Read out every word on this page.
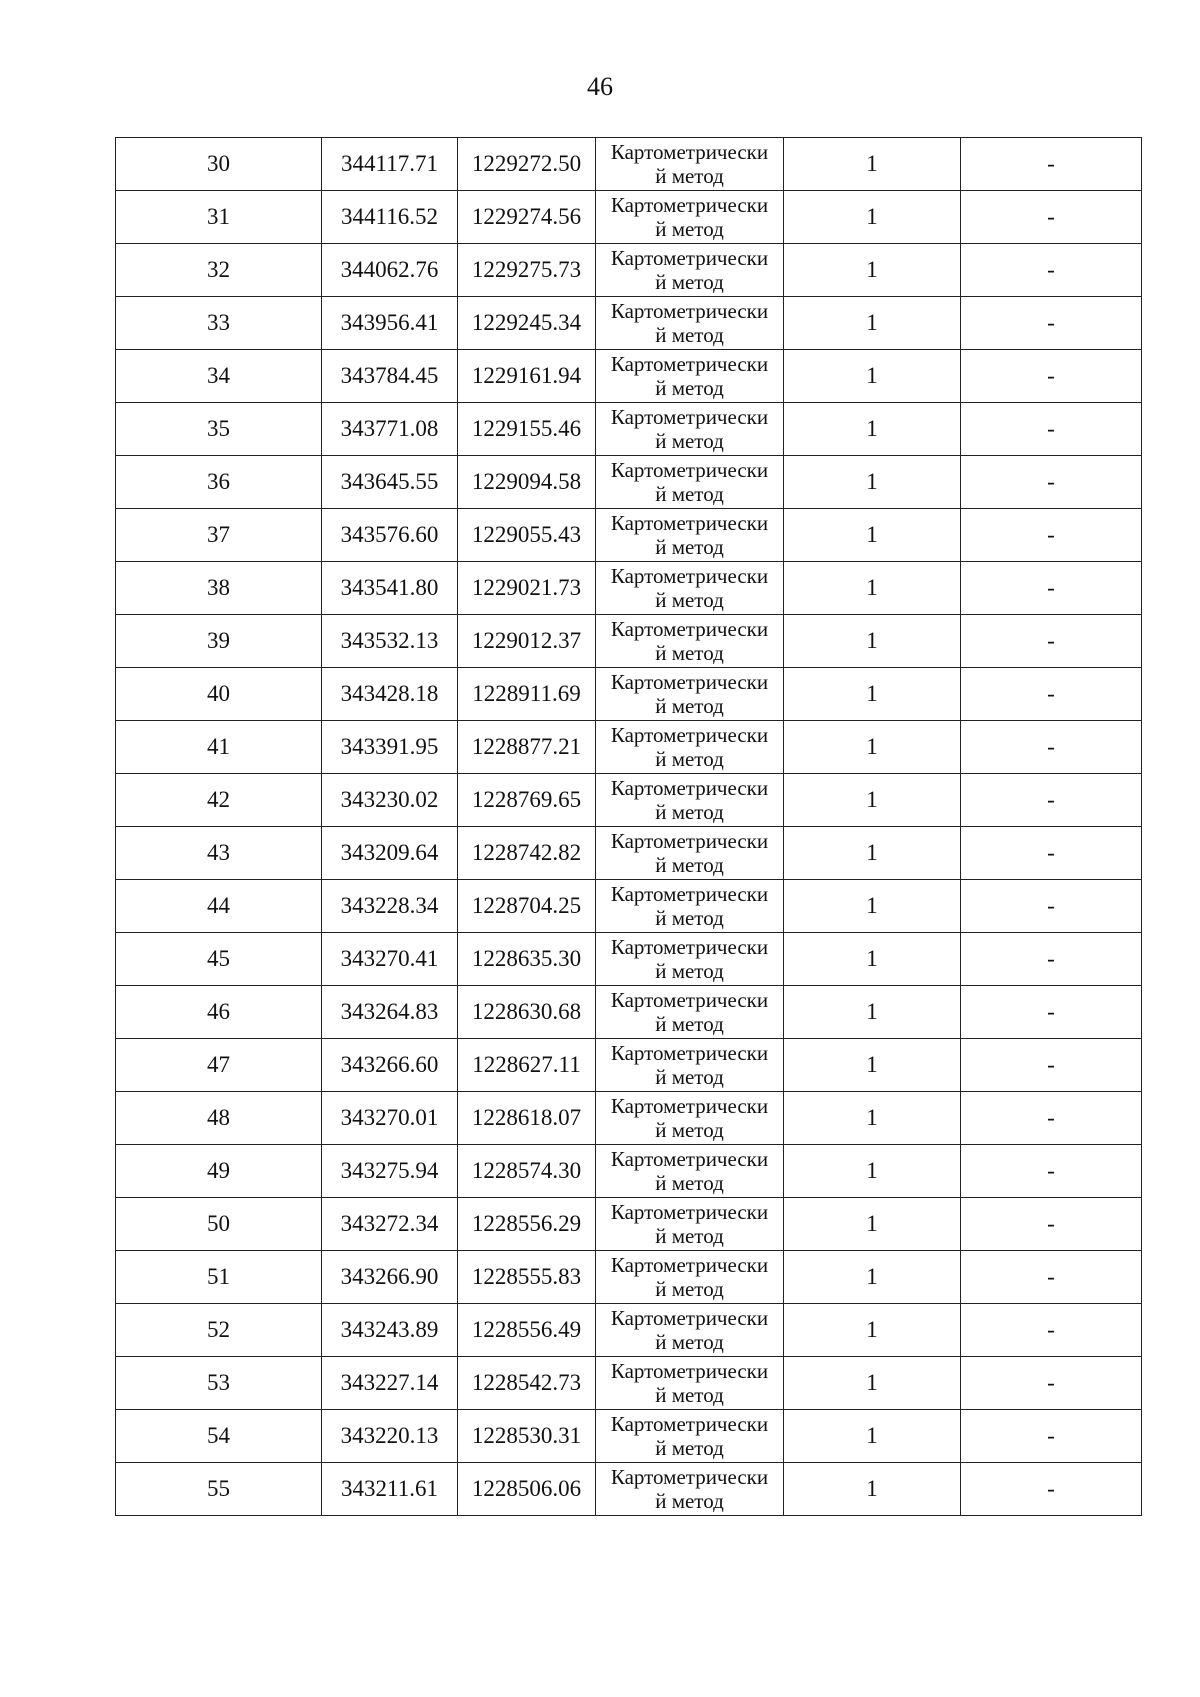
46
30	344117.71	1229272.50	Картометрически
й метод	1	-
31	344116.52	1229274.56	Картометрически
й метод	1	-
32	344062.76	1229275.73	Картометрически
й метод	1	-
33	343956.41	1229245.34	Картометрически
й метод	1	-
34	343784.45	1229161.94	Картометрически
й метод	1	-
35	343771.08	1229155.46	Картометрически
й метод	1	-
36	343645.55	1229094.58	Картометрически
й метод	1	-
37	343576.60	1229055.43	Картометрически
й метод	1	-
38	343541.80	1229021.73	Картометрически
й метод	1	-
39	343532.13	1229012.37	Картометрически
й метод	1	-
40	343428.18	1228911.69	Картометрически
й метод	1	-
41	343391.95	1228877.21	Картометрически
й метод	1	-
42	343230.02	1228769.65	Картометрически
й метод	1	-
43	343209.64	1228742.82	Картометрически
й метод	1	-
44	343228.34	1228704.25	Картометрически
й метод	1	-
45	343270.41	1228635.30	Картометрически
й метод	1	-
46	343264.83	1228630.68	Картометрически
й метод	1	-
47	343266.60	1228627.11	Картометрически
й метод	1	-
48	343270.01	1228618.07	Картометрически
й метод	1	-
49	343275.94	1228574.30	Картометрически
й метод	1	-
50	343272.34	1228556.29	Картометрически
й метод	1	-
51	343266.90	1228555.83	Картометрически
й метод	1	-
52	343243.89	1228556.49	Картометрически
й метод	1	-
53	343227.14	1228542.73	Картометрически
й метод	1	-
54	343220.13	1228530.31	Картометрически
й метод	1	-
55	343211.61	1228506.06	Картометрически
й метод	1	-
